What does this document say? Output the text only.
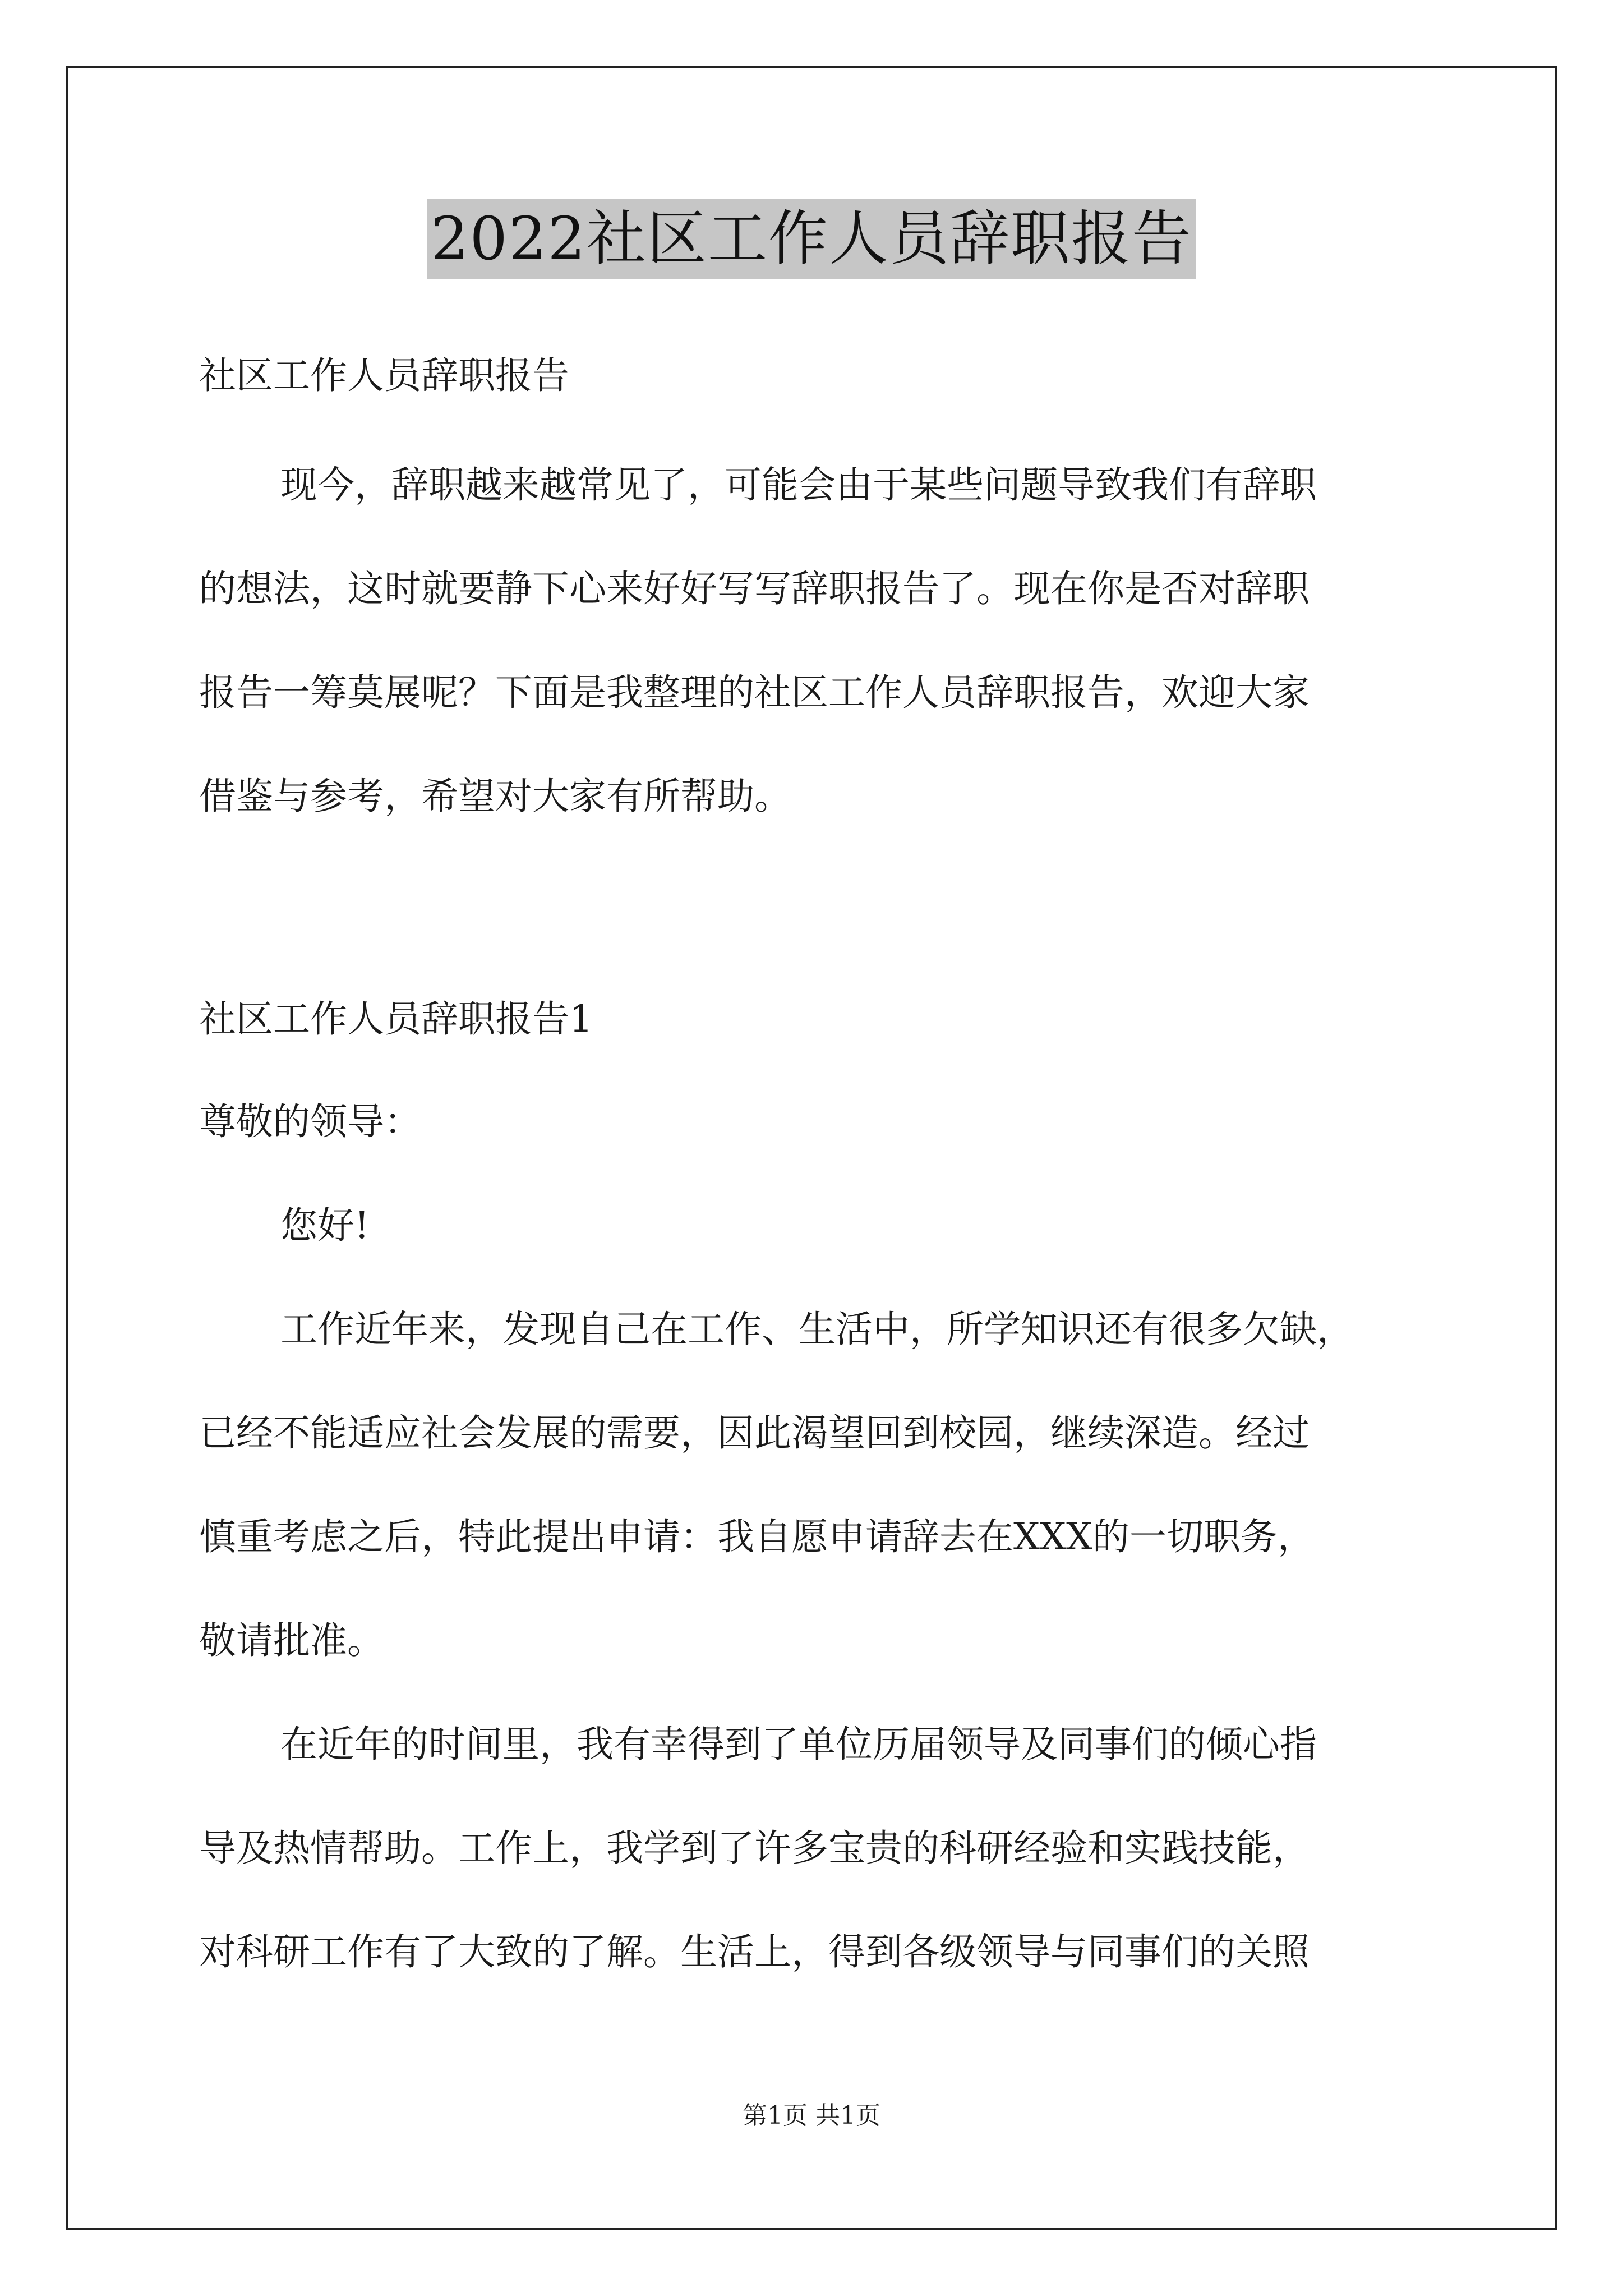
2022社区工作人员辞职报告
社区工作人员辞职报告
现今，辞职越来越常见了，可能会由于某些问题导致我们有辞职
的想法，这时就要静下心来好好写写辞职报告了。现在你是否对辞职
报告一筹莫展呢？下面是我整理的社区工作人员辞职报告，欢迎大家
借鉴与参考，希望对大家有所帮助。
社区工作人员辞职报告1
尊敬的领导：
您好!
工作近年来，发现自己在工作、生活中，所学知识还有很多欠缺，
已经不能适应社会发展的需要，因此渴望回到校园，继续深造。经过
慎重考虑之后，特此提出申请：我自愿申请辞去在XXX的一切职务，
敬请批准。
在近年的时间里，我有幸得到了单位历届领导及同事们的倾心指
导及热情帮助。工作上，我学到了许多宝贵的科研经验和实践技能，
对科研工作有了大致的了解。生活上，得到各级领导与同事们的关照
第1页 共1页
